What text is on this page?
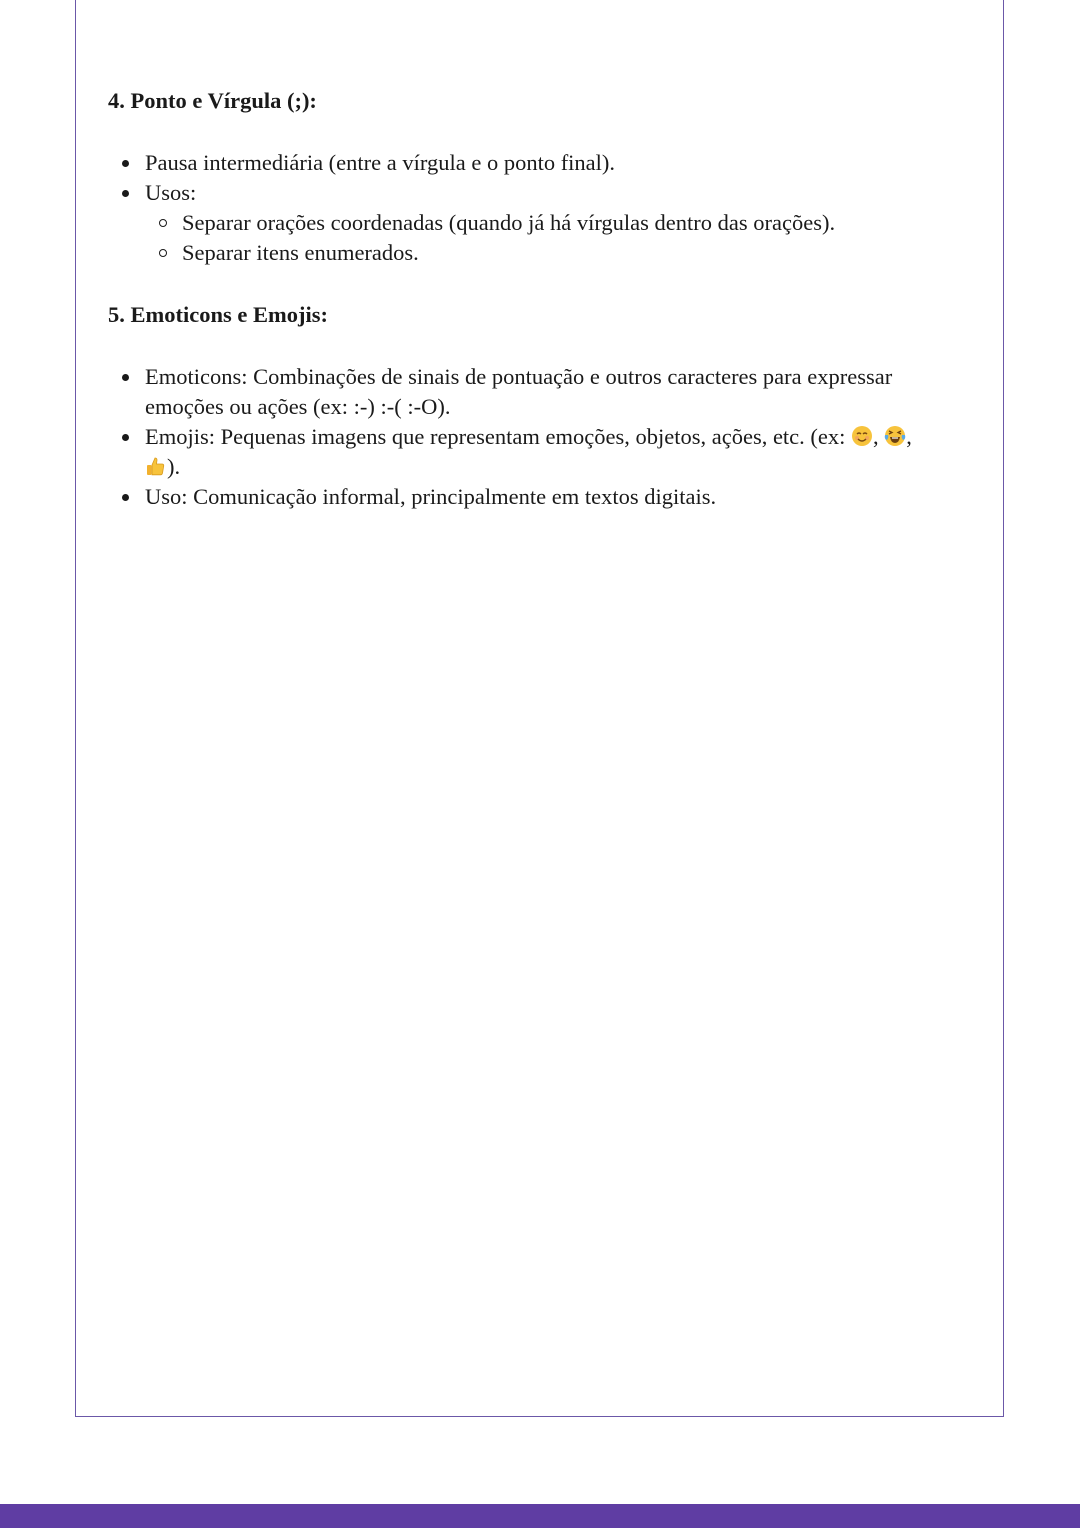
4. Ponto e Vírgula (;):
Pausa intermediária (entre a vírgula e o ponto final).
Usos:
Separar orações coordenadas (quando já há vírgulas dentro das orações).
Separar itens enumerados.
5. Emoticons e Emojis:
Emoticons: Combinações de sinais de pontuação e outros caracteres para expressar emoções ou ações (ex: :-) :-( :-O).
Emojis: Pequenas imagens que representam emoções, objetos, ações, etc. (ex: , ,
).
Uso: Comunicação informal, principalmente em textos digitais.
